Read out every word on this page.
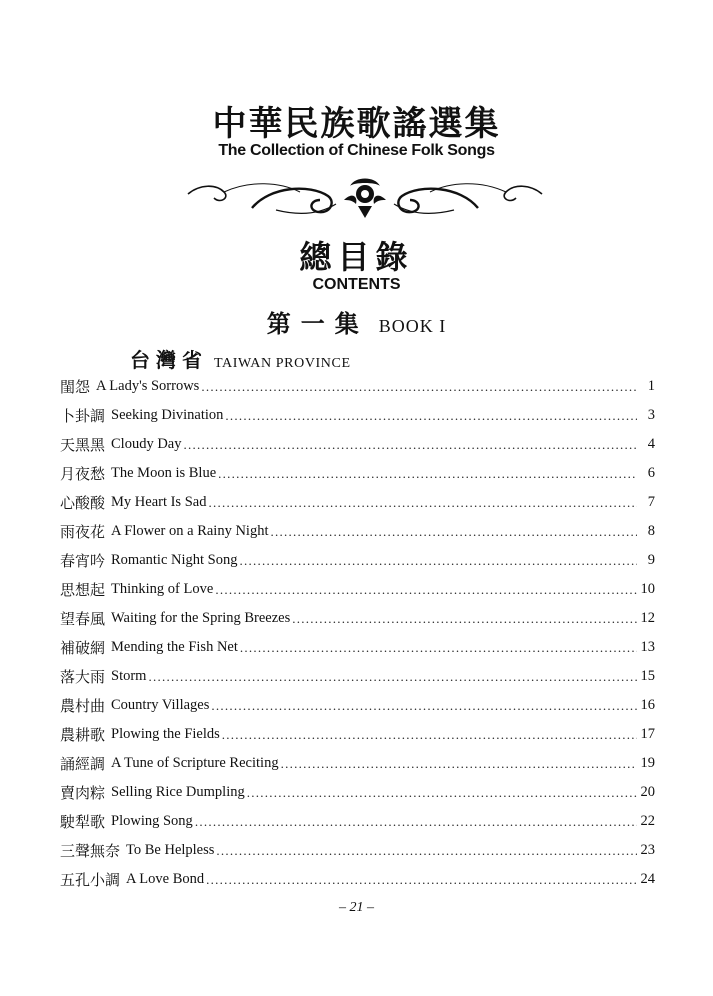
中華民族歌謠選集
The Collection of Chinese Folk Songs
總目錄
CONTENTS
第一集 BOOK I
台灣省 TAIWAN PROVINCE
閨怨 A Lady's Sorrows . . .	1
卜卦調 Seeking Divination . . .	3
天黑黑 Cloudy Day . . .	4
月夜愁 The Moon is Blue . . .	6
心酸酸 My Heart Is Sad . . .	7
雨夜花 A Flower on a Rainy Night . . .	8
春宵吟 Romantic Night Song . . .	9
思想起 Thinking of Love . . .	10
望春風 Waiting for the Spring Breezes . . .	12
補破網 Mending the Fish Net . . .	13
落大雨 Storm . . .	15
農村曲 Country Villages . . .	16
農耕歌 Plowing the Fields . . .	17
誦經調 A Tune of Scripture Reciting . . .	19
賣肉粽 Selling Rice Dumpling . . .	20
駛犁歌 Plowing Song . . .	22
三聲無奈 To Be Helpless . . .	23
五孔小調 A Love Bond . . .	24
– 21 –
